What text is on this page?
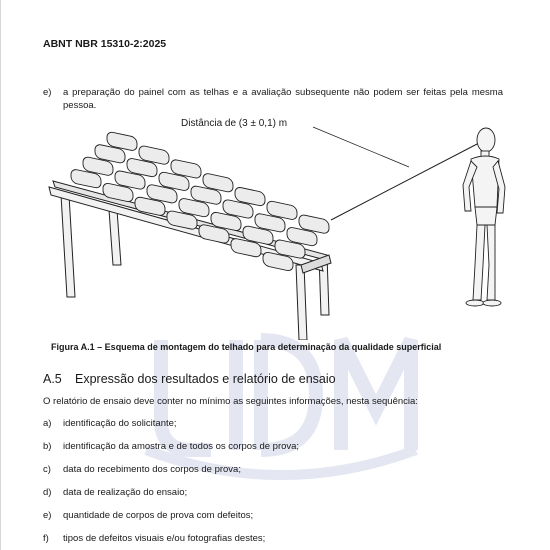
ABNT NBR 15310-2:2025
e) a preparação do painel com as telhas e a avaliação subsequente não podem ser feitas pela mesma pessoa.
Distância de (3 ± 0,1) m
Figura A.1 – Esquema de montagem do telhado para determinação da qualidade superficial
A.5 Expressão dos resultados e relatório de ensaio
O relatório de ensaio deve conter no mínimo as seguintes informações, nesta sequência:
a) identificação do solicitante;
b) identificação da amostra e de todos os corpos de prova;
c) data do recebimento dos corpos de prova;
d) data de realização do ensaio;
e) quantidade de corpos de prova com defeitos;
f) tipos de defeitos visuais e/ou fotografias destes;
